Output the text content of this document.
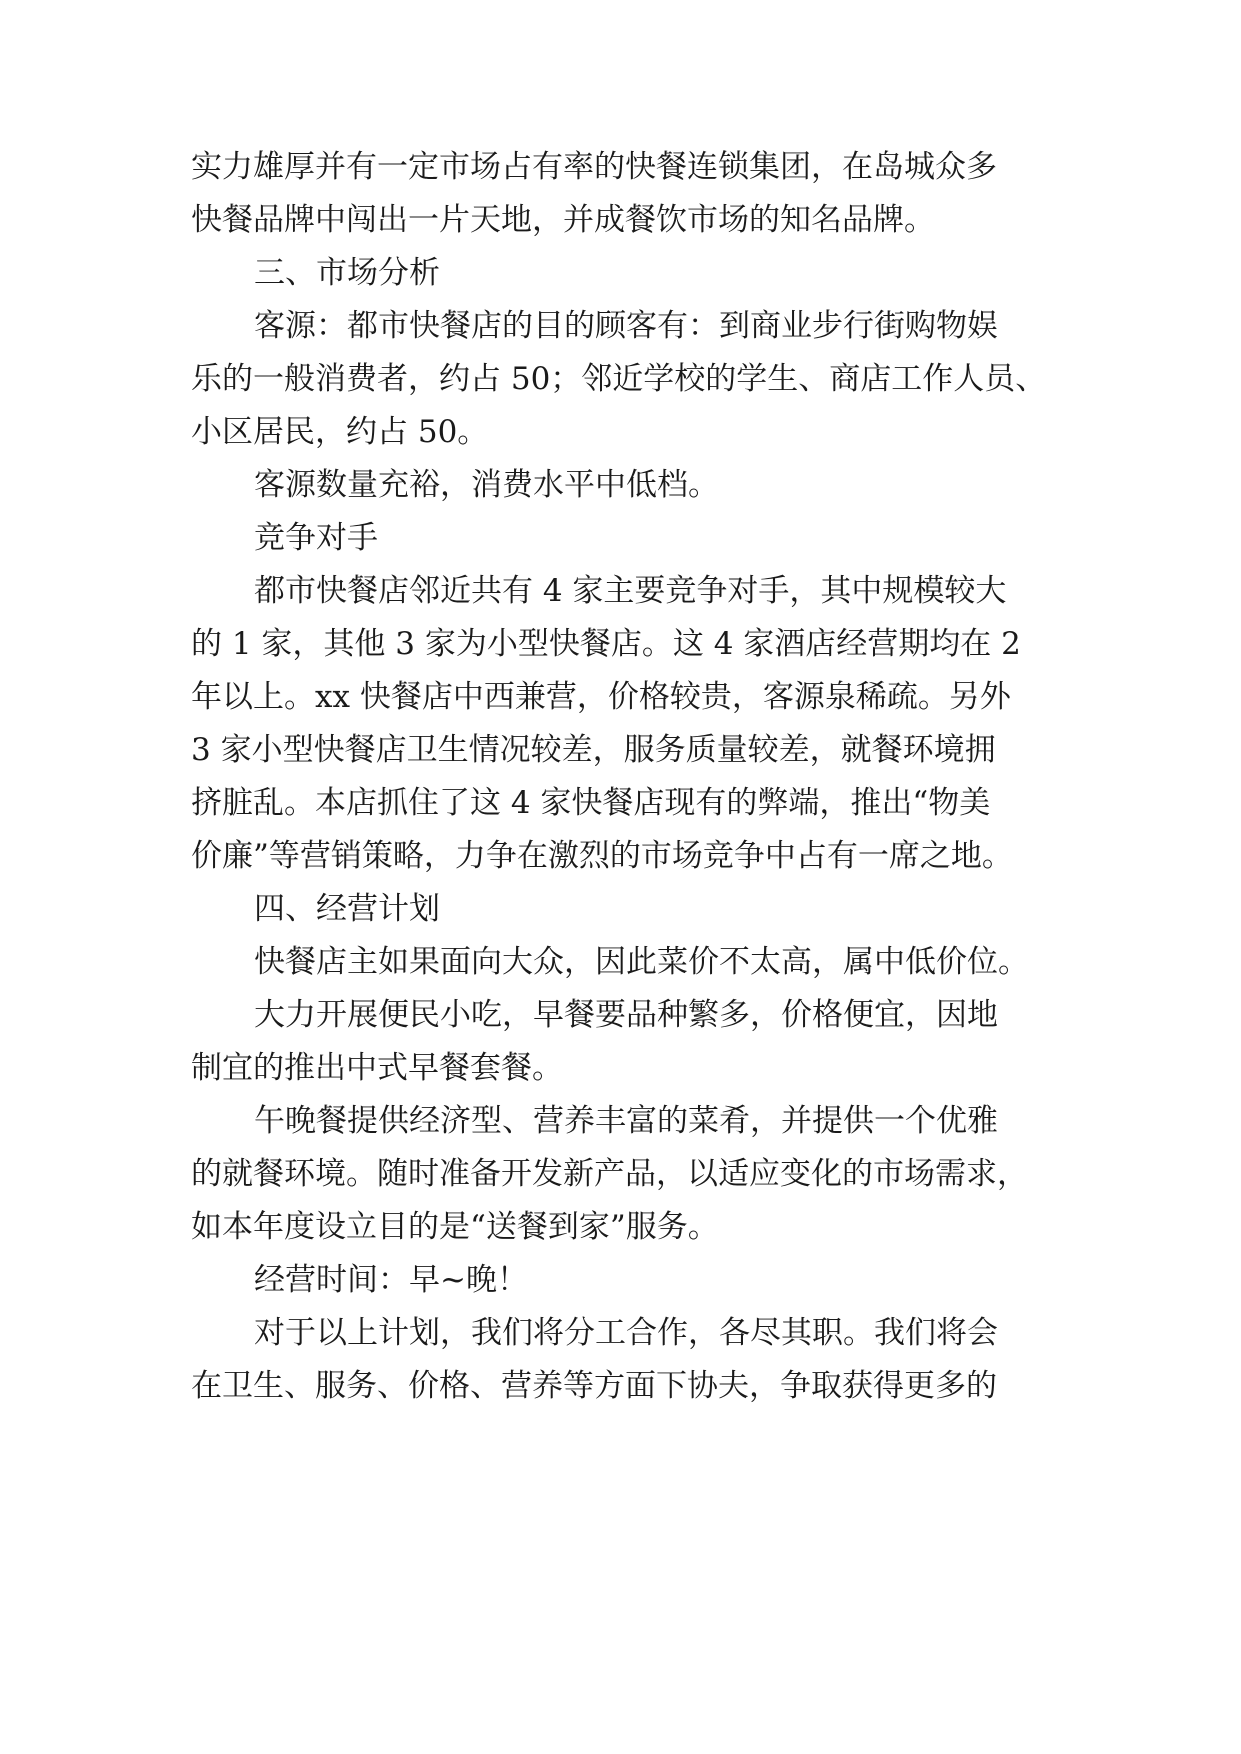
实力雄厚并有一定市场占有率的快餐连锁集团，在岛城众多
快餐品牌中闯出一片天地，并成餐饮市场的知名品牌。
三、市场分析
客源：都市快餐店的目的顾客有：到商业步行街购物娱
乐的一般消费者，约占 50；邻近学校的学生、商店工作人员、
小区居民，约占 50。
客源数量充裕，消费水平中低档。
竞争对手
都市快餐店邻近共有 4 家主要竞争对手，其中规模较大
的 1 家，其他 3 家为小型快餐店。这 4 家酒店经营期均在 2
年以上。xx 快餐店中西兼营，价格较贵，客源泉稀疏。另外
3 家小型快餐店卫生情况较差，服务质量较差，就餐环境拥
挤脏乱。本店抓住了这 4 家快餐店现有的弊端，推出“物美
价廉”等营销策略，力争在激烈的市场竞争中占有一席之地。
四、经营计划
快餐店主如果面向大众，因此菜价不太高，属中低价位。
大力开展便民小吃，早餐要品种繁多，价格便宜，因地
制宜的推出中式早餐套餐。
午晚餐提供经济型、营养丰富的菜肴，并提供一个优雅
的就餐环境。随时准备开发新产品，以适应变化的市场需求，
如本年度设立目的是“送餐到家”服务。
经营时间：早~晚！
对于以上计划，我们将分工合作，各尽其职。我们将会
在卫生、服务、价格、营养等方面下协夫，争取获得更多的
